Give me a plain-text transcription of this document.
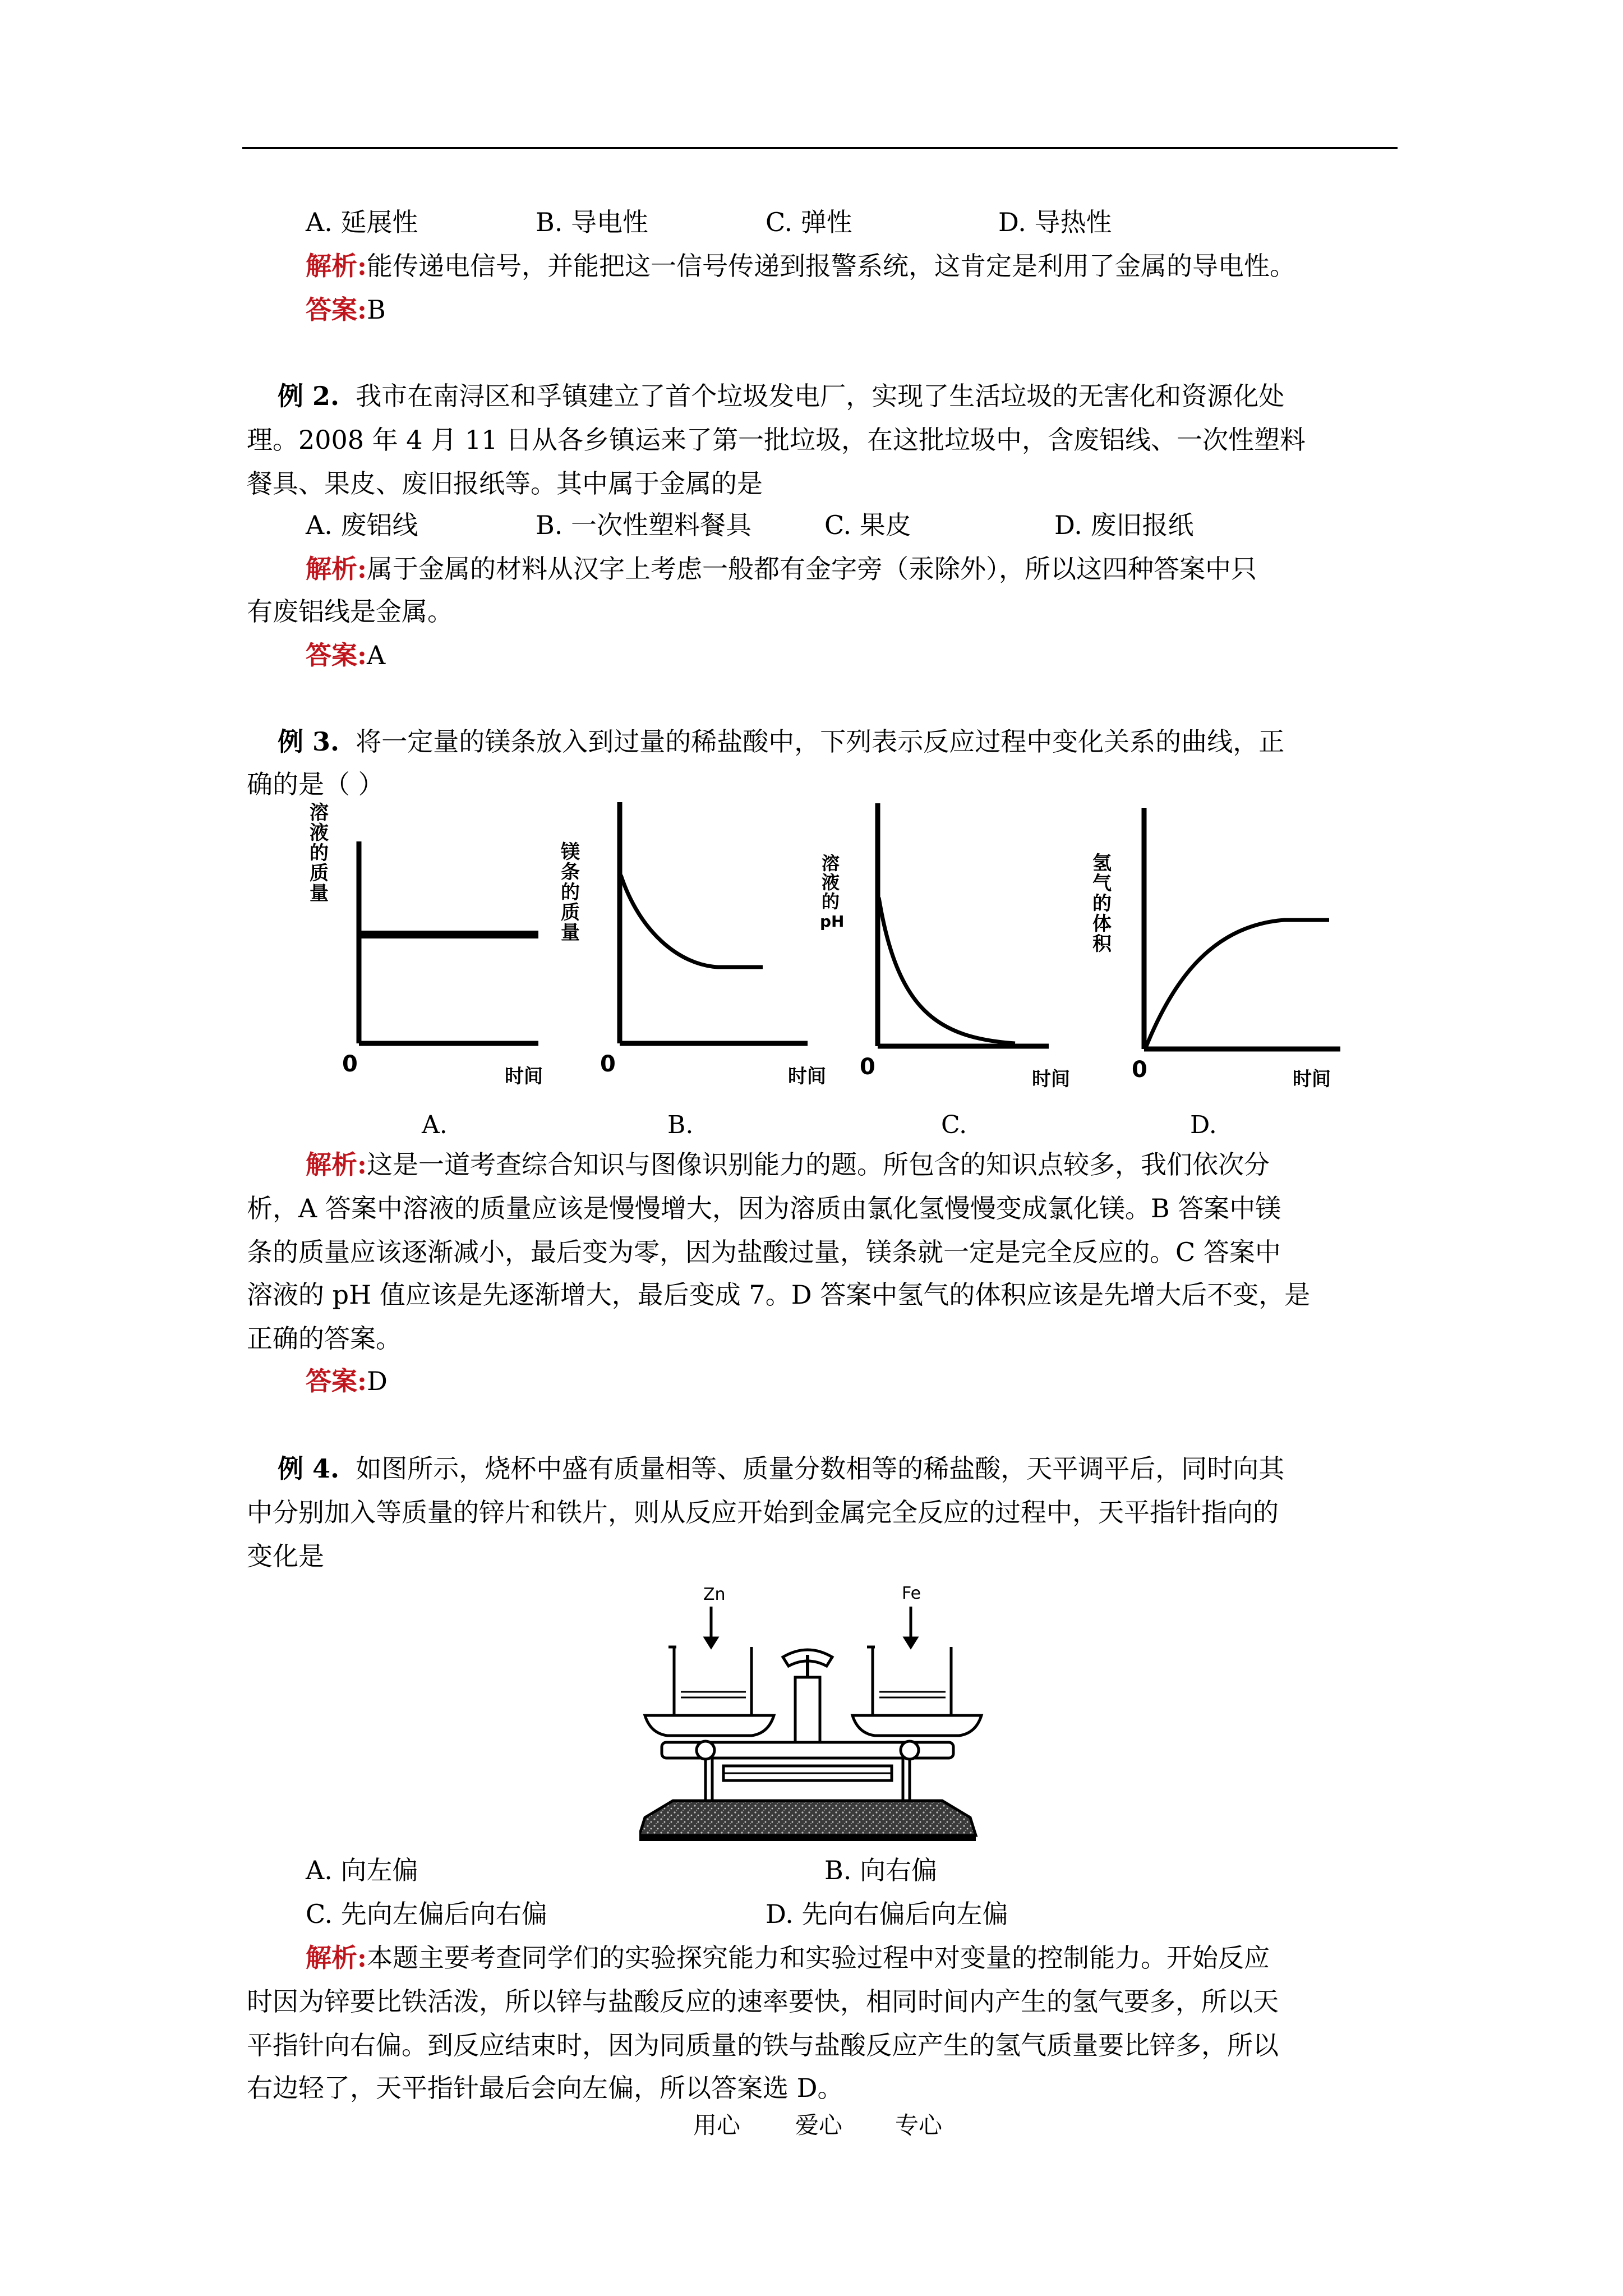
A. 延展性	B. 导电性	C. 弹性	D. 导热性
解析:能传递电信号，并能把这一信号传递到报警系统，这肯定是利用了金属的导电性。
答案:B
例 2. 我市在南浔区和孚镇建立了首个垃圾发电厂，实现了生活垃圾的无害化和资源化处
理。2008 年 4 月 11 日从各乡镇运来了第一批垃圾，在这批垃圾中，含废铝线、一次性塑料
餐具、果皮、废旧报纸等。其中属于金属的是
A. 废铝线	B. 一次性塑料餐具	C. 果皮	D. 废旧报纸
解析:属于金属的材料从汉字上考虑一般都有金字旁（汞除外），所以这四种答案中只
有废铝线是金属。
答案:A
例 3. 将一定量的镁条放入到过量的稀盐酸中，下列表示反应过程中变化关系的曲线，正
确的是（ ）
溶
液
的
质
量
0	时间
镁
条
的
质
量
0	时间
溶
液
的
pH
0	时间
氢
气
的
体
积
0	时间
A.	B.	C.	D.
解析:这是一道考查综合知识与图像识别能力的题。所包含的知识点较多，我们依次分
析，A 答案中溶液的质量应该是慢慢增大，因为溶质由氯化氢慢慢变成氯化镁。B 答案中镁
条的质量应该逐渐减小，最后变为零，因为盐酸过量，镁条就一定是完全反应的。C 答案中
溶液的 pH 值应该是先逐渐增大，最后变成 7。D 答案中氢气的体积应该是先增大后不变，是
正确的答案。
答案:D
例 4. 如图所示，烧杯中盛有质量相等、质量分数相等的稀盐酸，天平调平后，同时向其
中分别加入等质量的锌片和铁片，则从反应开始到金属完全反应的过程中，天平指针指向的
变化是
Zn	Fe
A. 向左偏	B. 向右偏
C. 先向左偏后向右偏	D. 先向右偏后向左偏
解析:本题主要考查同学们的实验探究能力和实验过程中对变量的控制能力。开始反应
时因为锌要比铁活泼，所以锌与盐酸反应的速率要快，相同时间内产生的氢气要多，所以天
平指针向右偏。到反应结束时，因为同质量的铁与盐酸反应产生的氢气质量要比锌多，所以
右边轻了，天平指针最后会向左偏，所以答案选 D。
用心 爱心 专心
